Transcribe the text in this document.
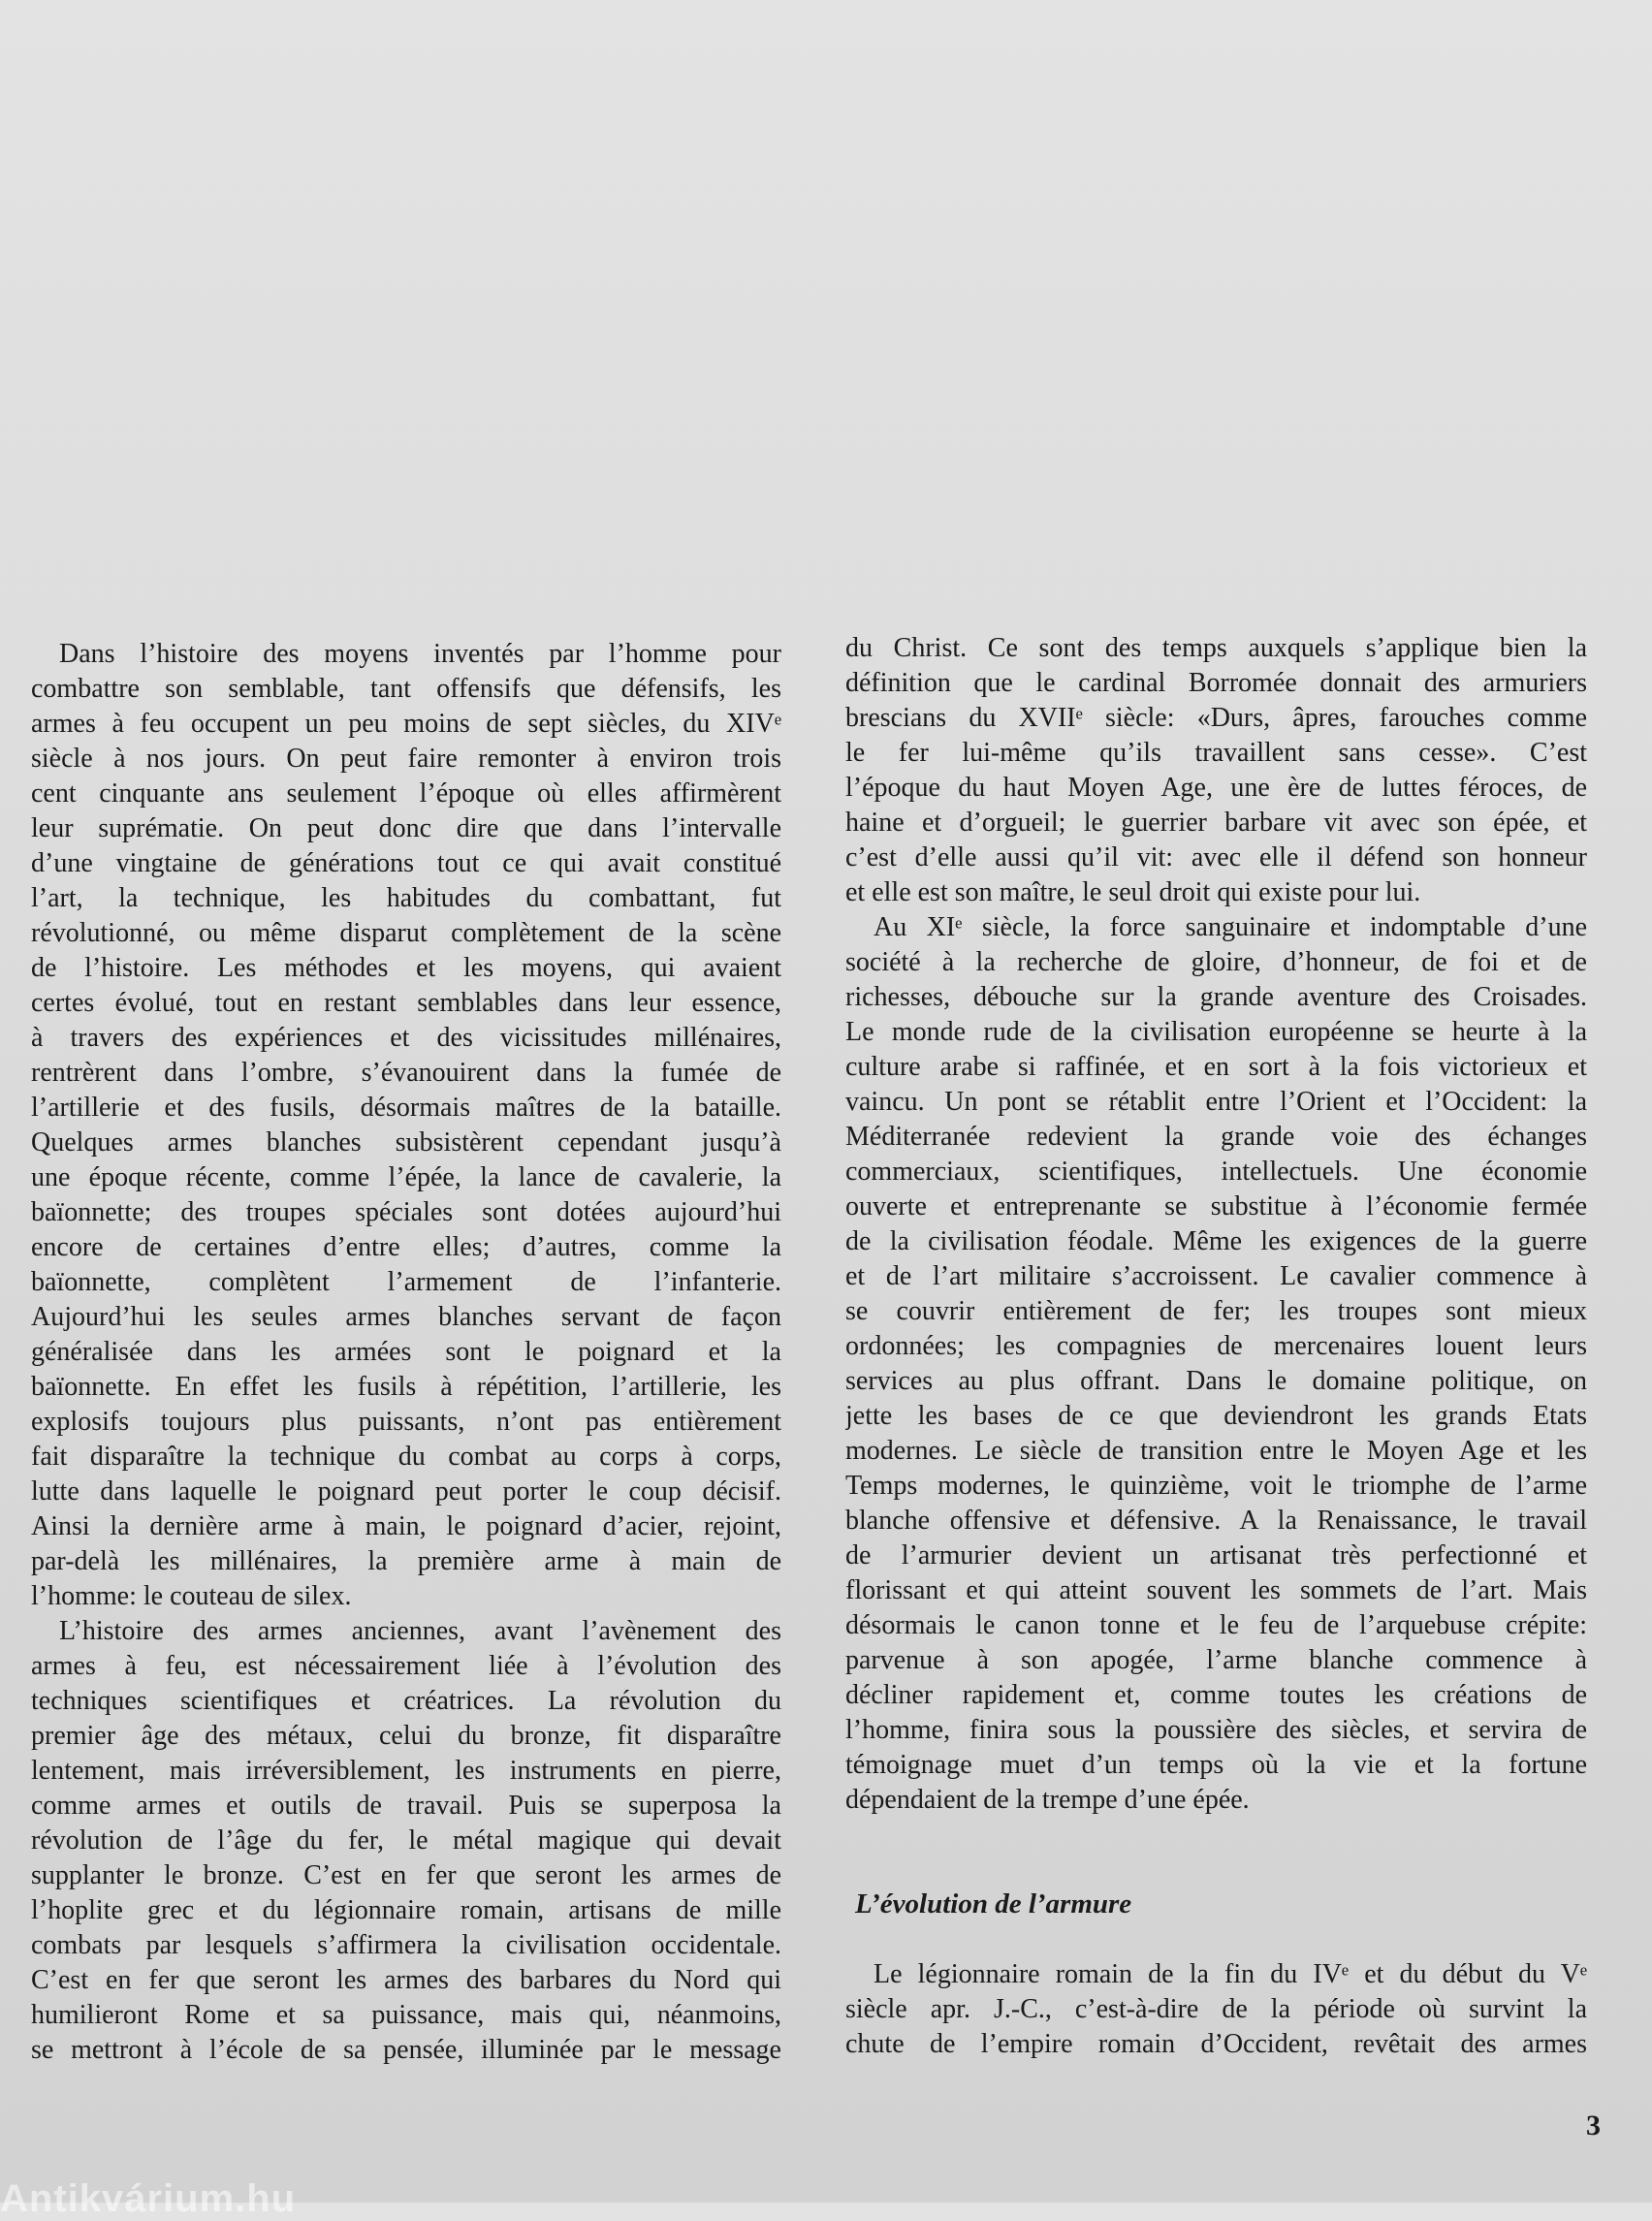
Dans l’histoire des moyens inventés par l’homme pour
combattre son semblable, tant offensifs que défensifs, les
armes à feu occupent un peu moins de sept siècles, du XIVᵉ
siècle à nos jours. On peut faire remonter à environ trois
cent cinquante ans seulement l’époque où elles affirmèrent
leur suprématie. On peut donc dire que dans l’intervalle
d’une vingtaine de générations tout ce qui avait constitué
l’art, la technique, les habitudes du combattant, fut
révolutionné, ou même disparut complètement de la scène
de l’histoire. Les méthodes et les moyens, qui avaient
certes évolué, tout en restant semblables dans leur essence,
à travers des expériences et des vicissitudes millénaires,
rentrèrent dans l’ombre, s’évanouirent dans la fumée de
l’artillerie et des fusils, désormais maîtres de la bataille.
Quelques armes blanches subsistèrent cependant jusqu’à
une époque récente, comme l’épée, la lance de cavalerie, la
baïonnette; des troupes spéciales sont dotées aujourd’hui
encore de certaines d’entre elles; d’autres, comme la
baïonnette, complètent l’armement de l’infanterie.
Aujourd’hui les seules armes blanches servant de façon
généralisée dans les armées sont le poignard et la
baïonnette. En effet les fusils à répétition, l’artillerie, les
explosifs toujours plus puissants, n’ont pas entièrement
fait disparaître la technique du combat au corps à corps,
lutte dans laquelle le poignard peut porter le coup décisif.
Ainsi la dernière arme à main, le poignard d’acier, rejoint,
par-delà les millénaires, la première arme à main de
l’homme: le couteau de silex.
L’histoire des armes anciennes, avant l’avènement des
armes à feu, est nécessairement liée à l’évolution des
techniques scientifiques et créatrices. La révolution du
premier âge des métaux, celui du bronze, fit disparaître
lentement, mais irréversiblement, les instruments en pierre,
comme armes et outils de travail. Puis se superposa la
révolution de l’âge du fer, le métal magique qui devait
supplanter le bronze. C’est en fer que seront les armes de
l’hoplite grec et du légionnaire romain, artisans de mille
combats par lesquels s’affirmera la civilisation occidentale.
C’est en fer que seront les armes des barbares du Nord qui
humilieront Rome et sa puissance, mais qui, néanmoins,
se mettront à l’école de sa pensée, illuminée par le message
du Christ. Ce sont des temps auxquels s’applique bien la
définition que le cardinal Borromée donnait des armuriers
brescians du XVIIᵉ siècle: «Durs, âpres, farouches comme
le fer lui-même qu’ils travaillent sans cesse». C’est
l’époque du haut Moyen Age, une ère de luttes féroces, de
haine et d’orgueil; le guerrier barbare vit avec son épée, et
c’est d’elle aussi qu’il vit: avec elle il défend son honneur
et elle est son maître, le seul droit qui existe pour lui.
Au XIᵉ siècle, la force sanguinaire et indomptable d’une
société à la recherche de gloire, d’honneur, de foi et de
richesses, débouche sur la grande aventure des Croisades.
Le monde rude de la civilisation européenne se heurte à la
culture arabe si raffinée, et en sort à la fois victorieux et
vaincu. Un pont se rétablit entre l’Orient et l’Occident: la
Méditerranée redevient la grande voie des échanges
commerciaux, scientifiques, intellectuels. Une économie
ouverte et entreprenante se substitue à l’économie fermée
de la civilisation féodale. Même les exigences de la guerre
et de l’art militaire s’accroissent. Le cavalier commence à
se couvrir entièrement de fer; les troupes sont mieux
ordonnées; les compagnies de mercenaires louent leurs
services au plus offrant. Dans le domaine politique, on
jette les bases de ce que deviendront les grands Etats
modernes. Le siècle de transition entre le Moyen Age et les
Temps modernes, le quinzième, voit le triomphe de l’arme
blanche offensive et défensive. A la Renaissance, le travail
de l’armurier devient un artisanat très perfectionné et
florissant et qui atteint souvent les sommets de l’art. Mais
désormais le canon tonne et le feu de l’arquebuse crépite:
parvenue à son apogée, l’arme blanche commence à
décliner rapidement et, comme toutes les créations de
l’homme, finira sous la poussière des siècles, et servira de
témoignage muet d’un temps où la vie et la fortune
dépendaient de la trempe d’une épée.
L’évolution de l’armure
Le légionnaire romain de la fin du IVᵉ et du début du Vᵉ
siècle apr. J.-C., c’est-à-dire de la période où survint la
chute de l’empire romain d’Occident, revêtait des armes
3
Antikvárium.hu
